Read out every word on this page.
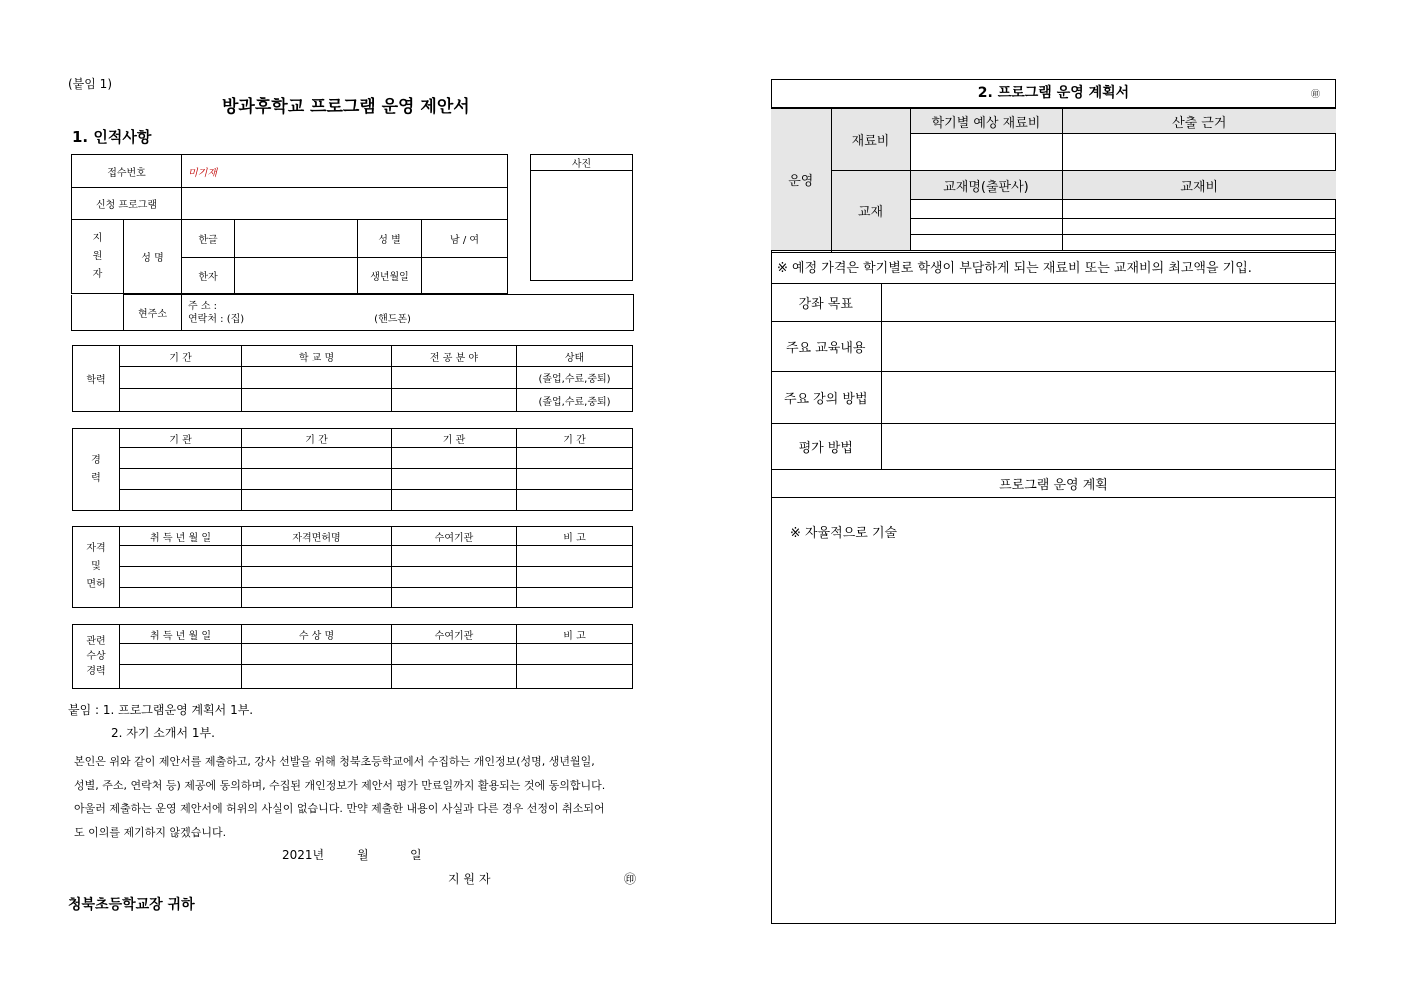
(붙임 1)
방과후학교 프로그램 운영 제안서
1. 인적사항
접수번호		미기재			
신청 프로그램					

지
원
자	성 명	한글		성 별	남 / 여
		한자		생년월일	
사진

	현주소	
주 소 :
연락처 : (집)	(핸드폰)
학력	기 간	학 교 명	전 공 분 야	상태
				(졸업,수료,중퇴)
				(졸업,수료,중퇴)
경
력	기 관	기 간	기 관	기 간

자격
및
면허	취 득 년 월 일	자격면허명	수여기관	비 고

관련
수상
경력	취 득 년 월 일	수 상 명	수여기관	비 고

붙임 : 1. 프로그램운영 계획서 1부.
2. 자기 소개서 1부.
본인은 위와 같이 제안서를 제출하고, 강사 선발을 위해 청북초등학교에서 수집하는 개인정보(성명, 생년월일,
성별, 주소, 연락처 등) 제공에 동의하며, 수집된 개인정보가 제안서 평가 만료일까지 활용되는 것에 동의합니다.
아울러 제출하는 운영 제안서에 허위의 사실이 없습니다. 만약 제출한 내용이 사실과 다른 경우 선정이 취소되어
도 이의를 제기하지 않겠습니다.
2021년	월	일
지 원 자	㊞
청북초등학교장 귀하
2. 프로그램 운영 계획서	㊞
운영	재료비	학기별 예상 재료비	산출 근거

	교재	교재명(출판사)	교재비

※ 예정 가격은 학기별로 학생이 부담하게 되는 재료비 또는 교재비의 최고액을 기입.
강좌 목표	
주요 교육내용	
주요 강의 방법	
평가 방법	
프로그램 운영 계획	
※ 자율적으로 기술
